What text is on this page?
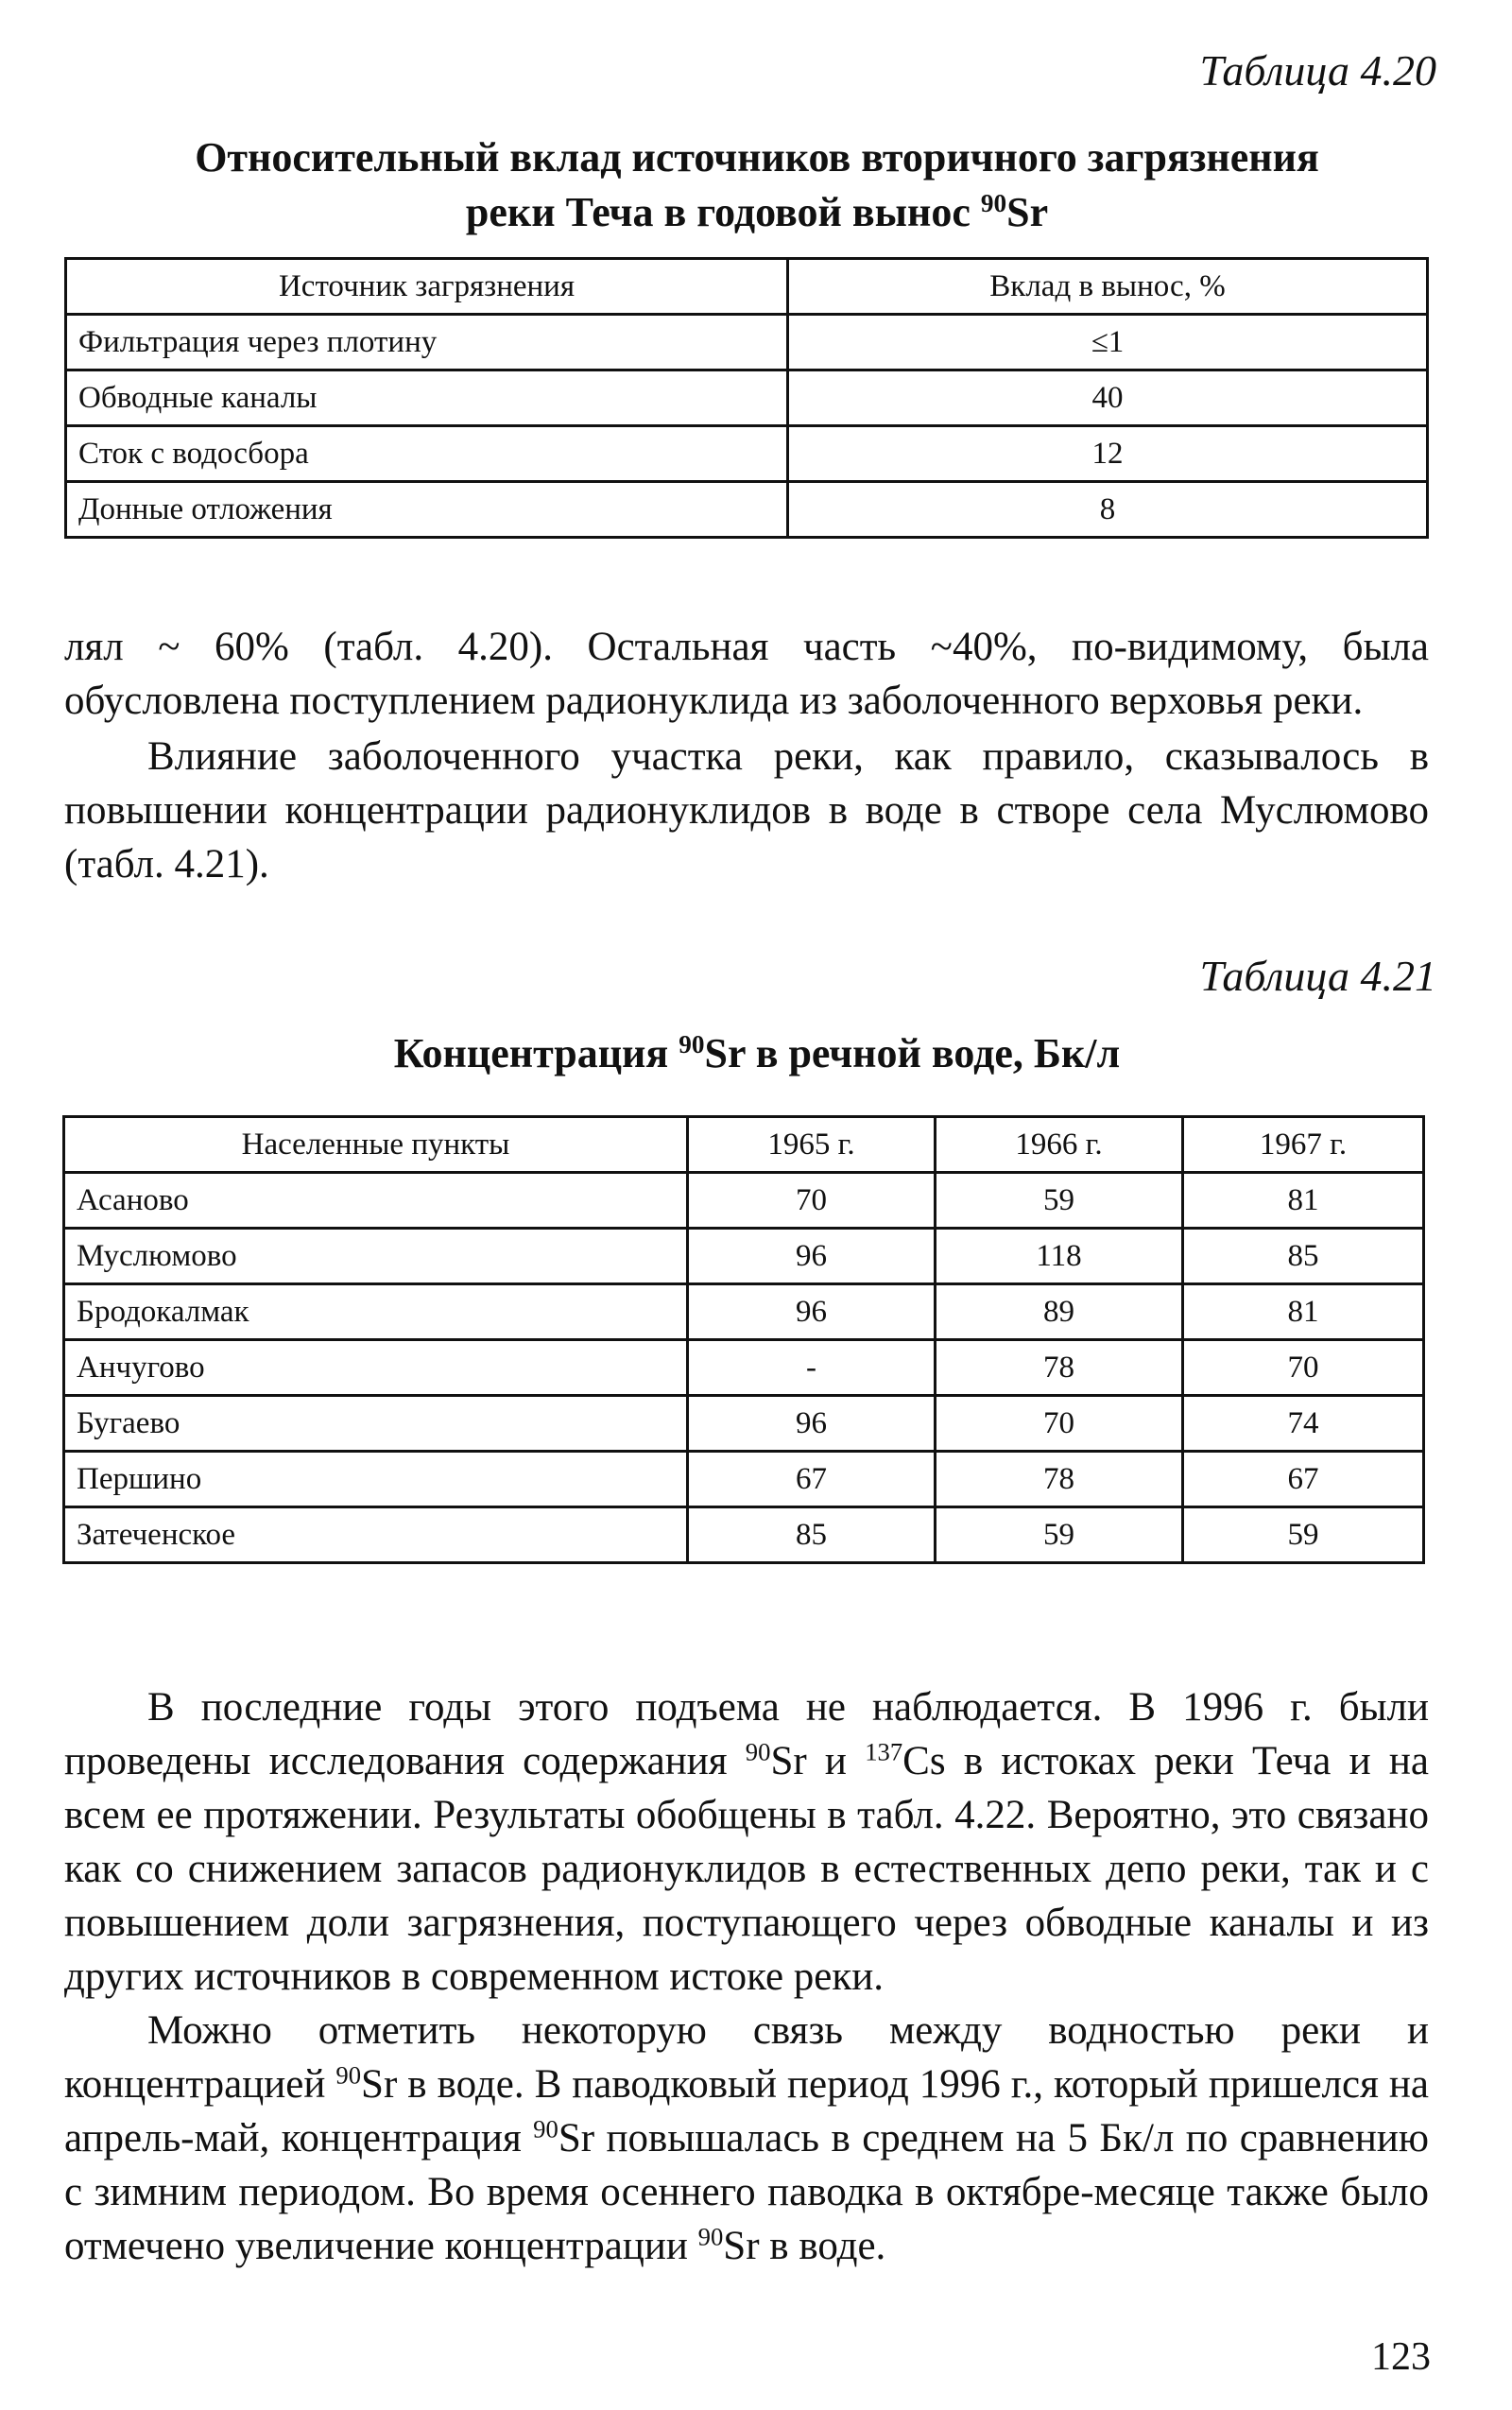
Таблица 4.20
Относительный вклад источников вторичного загрязнения
реки Теча в годовой вынос $^{90}$Sr
Источник загрязнения	Вклад в вынос, %
Фильтрация через плотину	≤1
Обводные каналы	40
Сток с водосбора	12
Донные отложения	8
лял ~ 60% (табл. 4.20). Остальная часть ~40%, по-видимому, была обусловлена поступлением радионуклида из заболоченного верховья реки.
Влияние заболоченного участка реки, как правило, сказывалось в повышении концентрации радионуклидов в воде в створе села Муслюмово (табл. 4.21).
Таблица 4.21
Концентрация $^{90}$Sr в речной воде, Бк/л
Населенные пункты	1965 г.	1966 г.	1967 г.
Асаново	70	59	81
Муслюмово	96	118	85
Бродокалмак	96	89	81
Анчугово	-	78	70
Бугаево	96	70	74
Першино	67	78	67
Затеченское	85	59	59
В последние годы этого подъема не наблюдается. В 1996 г. были проведены исследования содержания $^{90}$Sr и $^{137}$Cs в истоках реки Теча и на всем ее протяжении. Результаты обобщены в табл. 4.22. Вероятно, это связано как со снижением запасов радионуклидов в естественных депо реки, так и с повышением доли загрязнения, поступающего через обводные каналы и из других источников в современном истоке реки.
Можно отметить некоторую связь между водностью реки и концентрацией $^{90}$Sr в воде. В паводковый период 1996 г., который пришелся на апрель-май, концентрация $^{90}$Sr повышалась в среднем на 5 Бк/л по сравнению с зимним периодом. Во время осеннего паводка в октябре-месяце также было отмечено увеличение концентрации $^{90}$Sr в воде.
123
